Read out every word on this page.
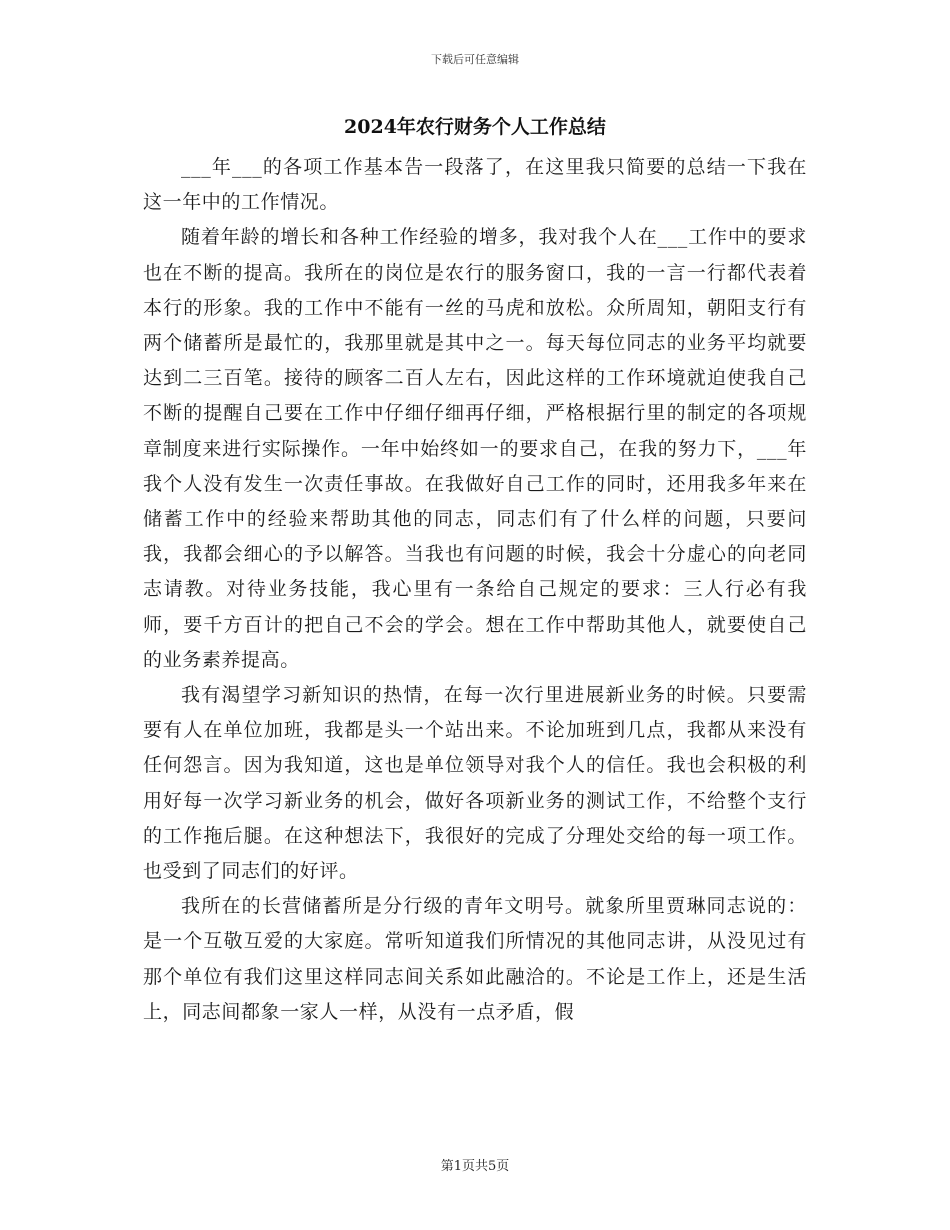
下载后可任意编辑
2024年农行财务个人工作总结

___年___的各项工作基本告一段落了，在这里我只简要的总结一下我在这一年中的工作情况。

随着年龄的增长和各种工作经验的增多，我对我个人在___工作中的要求也在不断的提高。我所在的岗位是农行的服务窗口，我的一言一行都代表着本行的形象。我的工作中不能有一丝的马虎和放松。众所周知，朝阳支行有两个储蓄所是最忙的，我那里就是其中之一。每天每位同志的业务平均就要达到二三百笔。接待的顾客二百人左右，因此这样的工作环境就迫使我自己不断的提醒自己要在工作中仔细仔细再仔细，严格根据行里的制定的各项规章制度来进行实际操作。一年中始终如一的要求自己，在我的努力下，___年我个人没有发生一次责任事故。在我做好自己工作的同时，还用我多年来在储蓄工作中的经验来帮助其他的同志，同志们有了什么样的问题，只要问我，我都会细心的予以解答。当我也有问题的时候，我会十分虚心的向老同志请教。对待业务技能，我心里有一条给自己规定的要求：三人行必有我师，要千方百计的把自己不会的学会。想在工作中帮助其他人，就要使自己的业务素养提高。

我有渴望学习新知识的热情，在每一次行里进展新业务的时候。只要需要有人在单位加班，我都是头一个站出来。不论加班到几点，我都从来没有任何怨言。因为我知道，这也是单位领导对我个人的信任。我也会积极的利用好每一次学习新业务的机会，做好各项新业务的测试工作，不给整个支行的工作拖后腿。在这种想法下，我很好的完成了分理处交给的每一项工作。也受到了同志们的好评。

我所在的长营储蓄所是分行级的青年文明号。就象所里贾琳同志说的：是一个互敬互爱的大家庭。常听知道我们所情况的其他同志讲，从没见过有那个单位有我们这里这样同志间关系如此融洽的。不论是工作上，还是生活上，同志间都象一家人一样，从没有一点矛盾，假

第1页共5页
